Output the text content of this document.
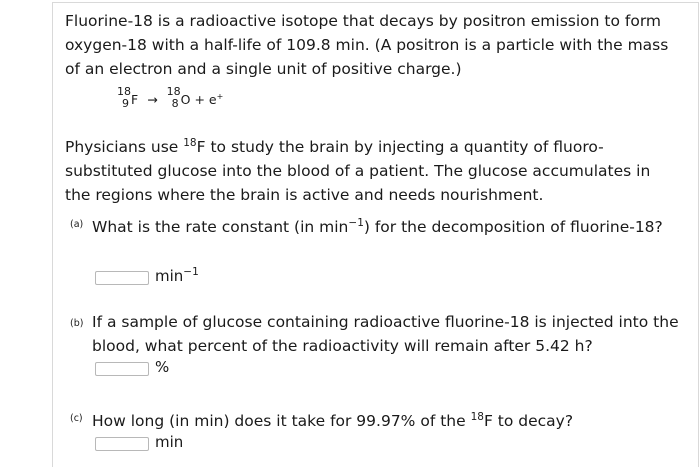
Fluorine-18 is a radioactive isotope that decays by positron emission to form oxygen-18 with a half-life of 109.8 min. (A positron is a particle with the mass of an electron and a single unit of positive charge.)

18
9 F →
18
8 O + e+

Physicians use $^{18}$F to study the brain by injecting a quantity of fluoro-substituted glucose into the blood of a patient. The glucose accumulates in the regions where the brain is active and needs nourishment.

(a) What is the rate constant (in $\min^{-1}$) for the decomposition of fluorine-18?

$\min^{-1}$
(b) If a sample of glucose containing radioactive fluorine-18 is injected into the blood, what percent of the radioactivity will remain after 5.42 h?

%
(c) How long (in min) does it take for 99.97% of the $^{18}$F to decay?

min
